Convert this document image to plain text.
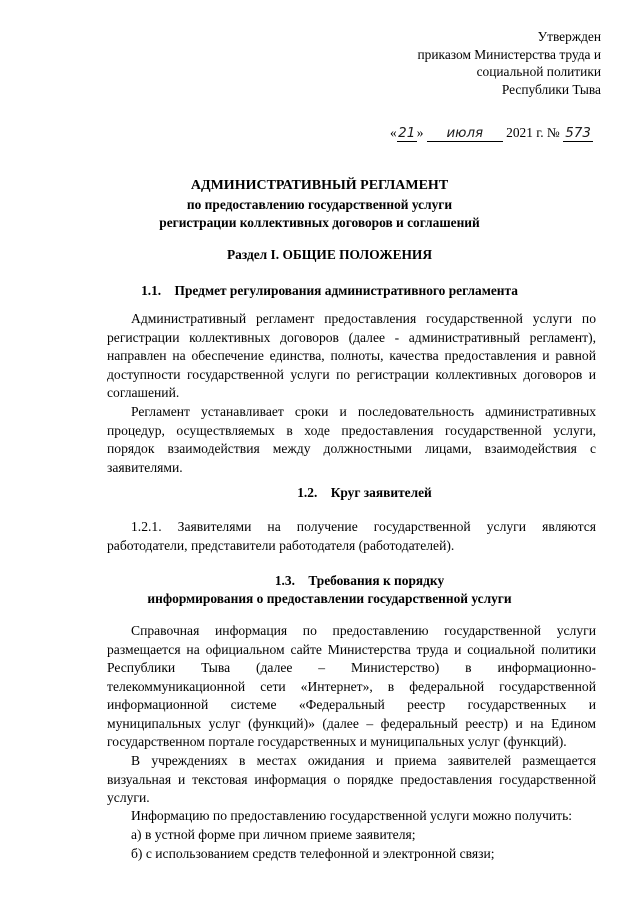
Утвержден
приказом Министерства труда и
социальной политики
Республики Тыва
«21» июля 2021 г. № 573
АДМИНИСТРАТИВНЫЙ РЕГЛАМЕНТ
по предоставлению государственной услуги
регистрации коллективных договоров и соглашений
Раздел I. ОБЩИЕ ПОЛОЖЕНИЯ
1.1.    Предмет регулирования административного регламента

Административный регламент предоставления государственной услуги по регистрации коллективных договоров (далее - административный регламент), направлен на обеспечение единства, полноты, качества предоставления и равной доступности государственной услуги по регистрации коллективных договоров и соглашений.

Регламент устанавливает сроки и последовательность административных процедур, осуществляемых в ходе предоставления государственной услуги, порядок взаимодействия между должностными лицами, взаимодействия с заявителями.

1.2.    Круг заявителей

1.2.1. Заявителями на получение государственной услуги являются работодатели, представители работодателя (работодателей).

1.3.    Требования к порядку
информирования о предоставлении государственной услуги

Справочная информация по предоставлению государственной услуги размещается на официальном сайте Министерства труда и социальной политики Республики Тыва (далее – Министерство) в информационно-телекоммуникационной сети «Интернет», в федеральной государственной информационной системе «Федеральный реестр государственных и муниципальных услуг (функций)» (далее – федеральный реестр) и на Едином государственном портале государственных и муниципальных услуг (функций).

В учреждениях в местах ожидания и приема заявителей размещается визуальная и текстовая информация о порядке предоставления государственной услуги.

Информацию по предоставлению государственной услуги можно получить:
а) в устной форме при личном приеме заявителя;
б) с использованием средств телефонной и электронной связи;
